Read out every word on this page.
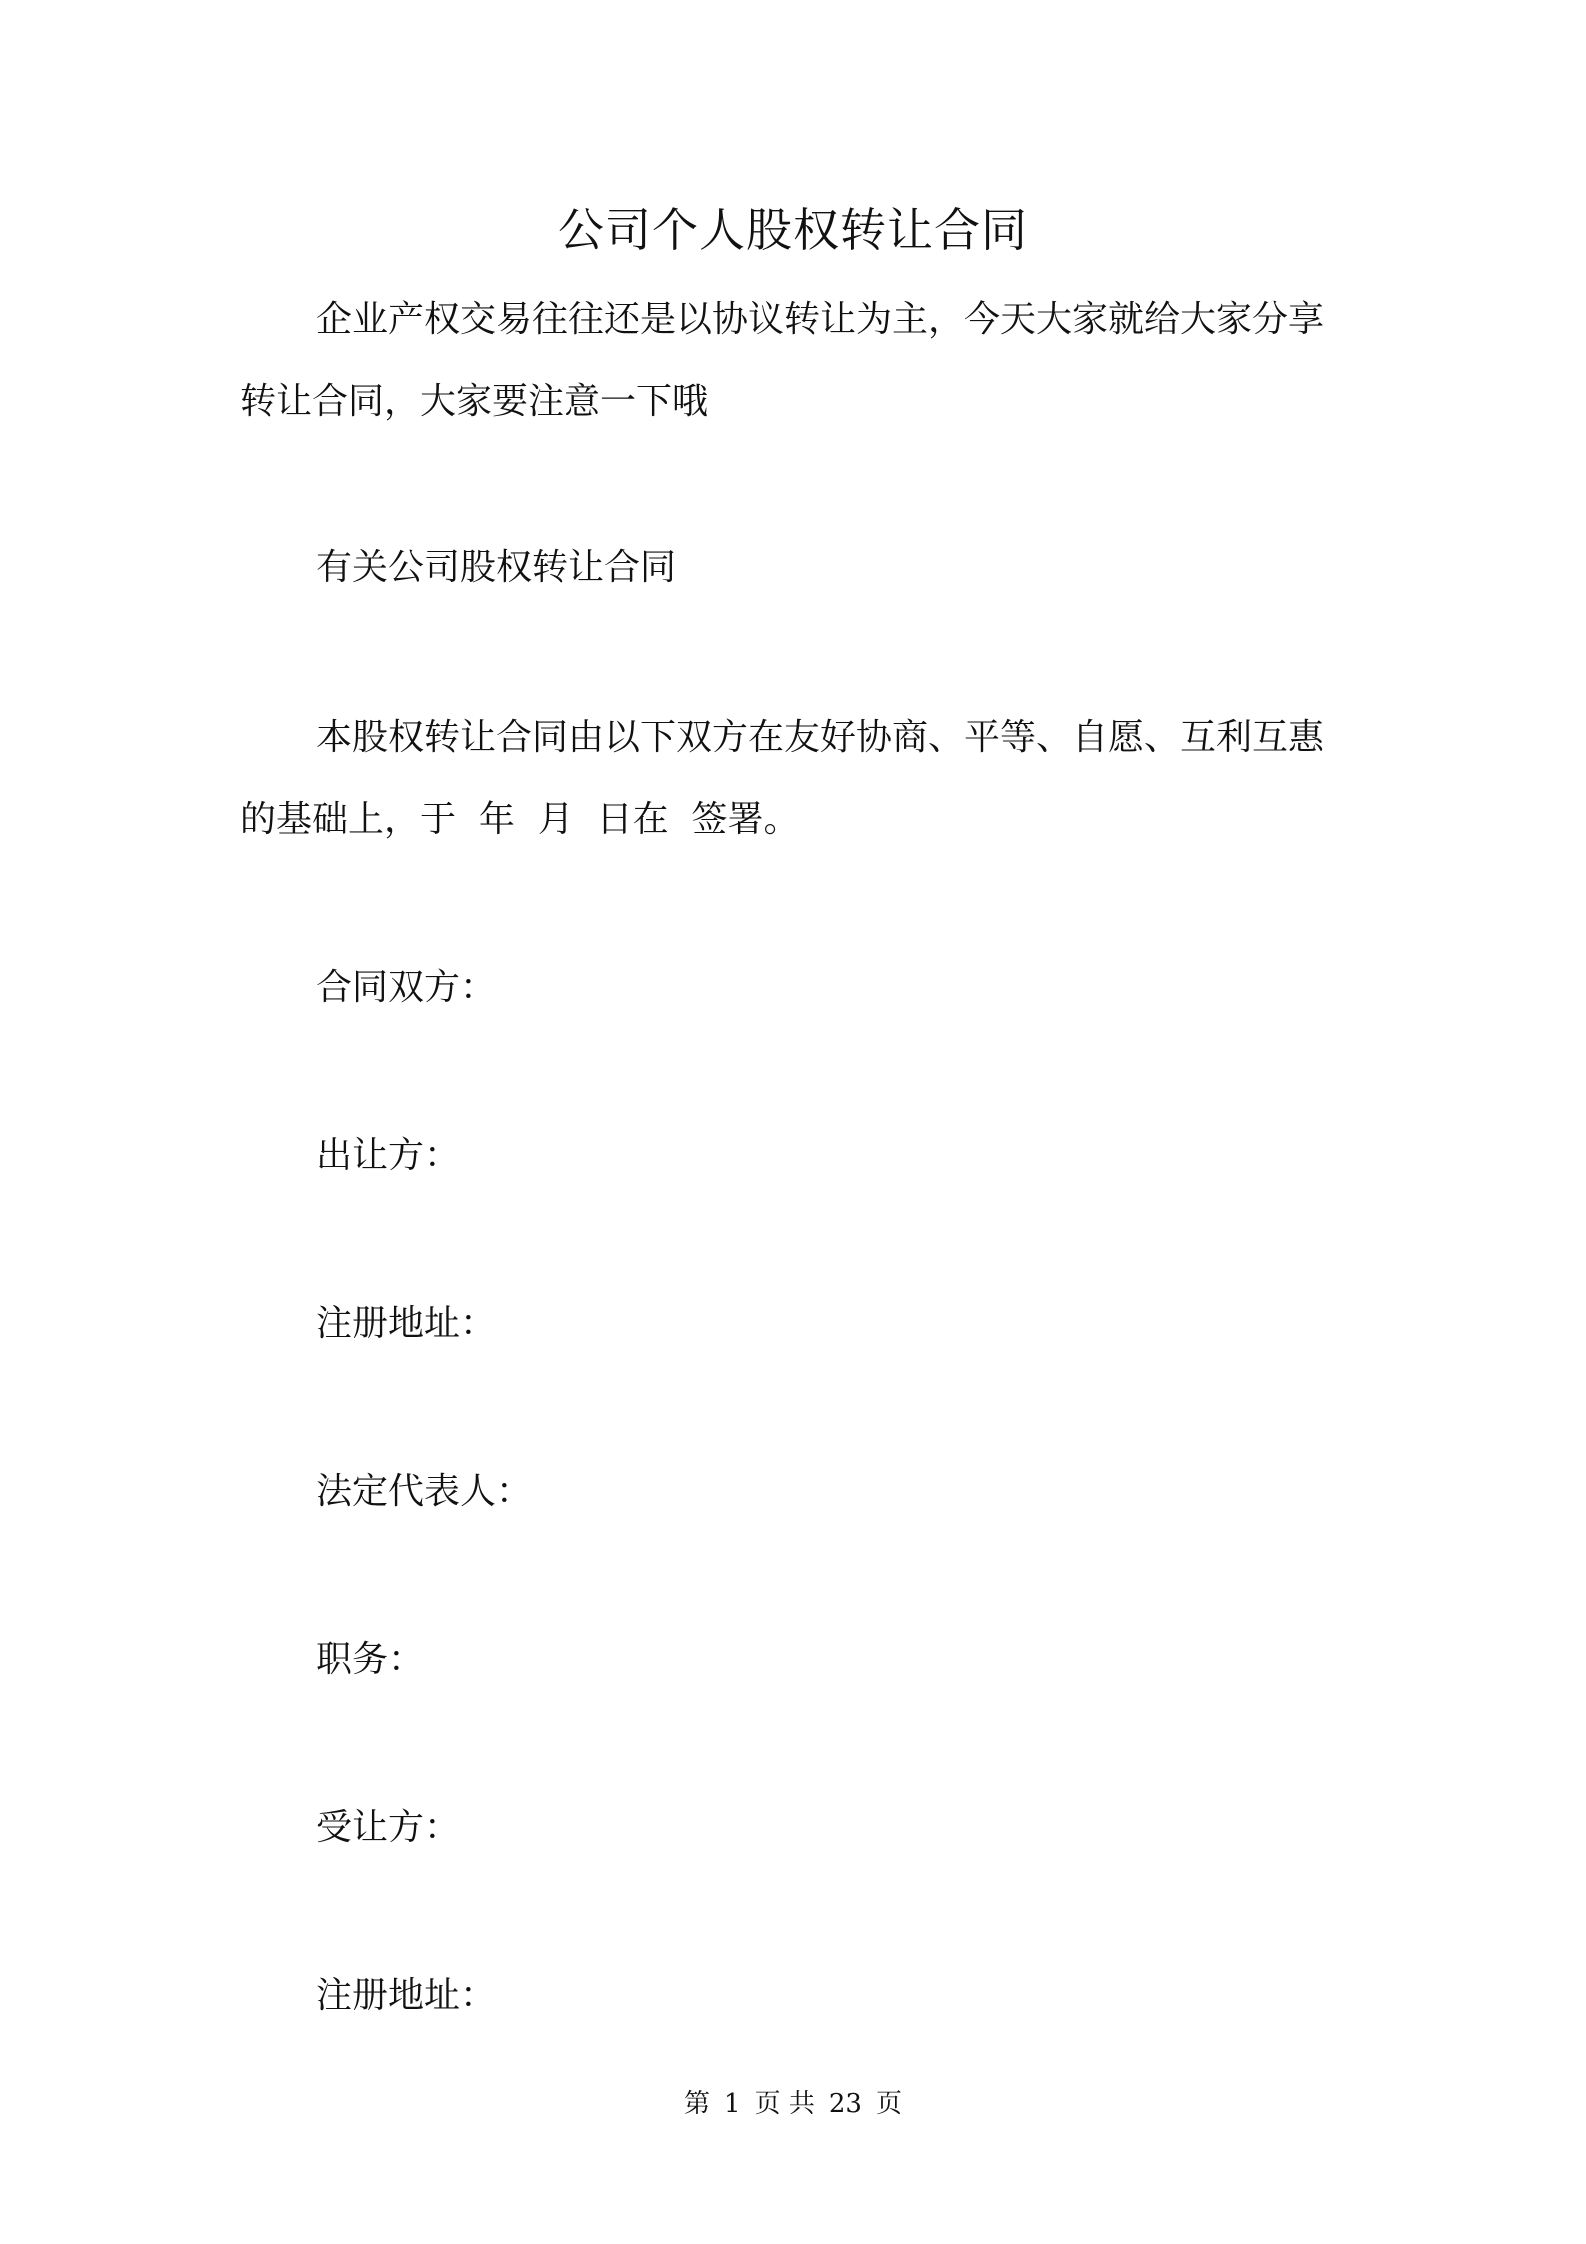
公司个人股权转让合同
企业产权交易往往还是以协议转让为主，今天大家就给大家分享
转让合同，大家要注意一下哦
有关公司股权转让合同
本股权转让合同由以下双方在友好协商、平等、自愿、互利互惠
的基础上，于  年  月  日在  签署。
合同双方：
出让方：
注册地址：
法定代表人：
职务：
受让方：
注册地址：
第 1 页 共 23 页
